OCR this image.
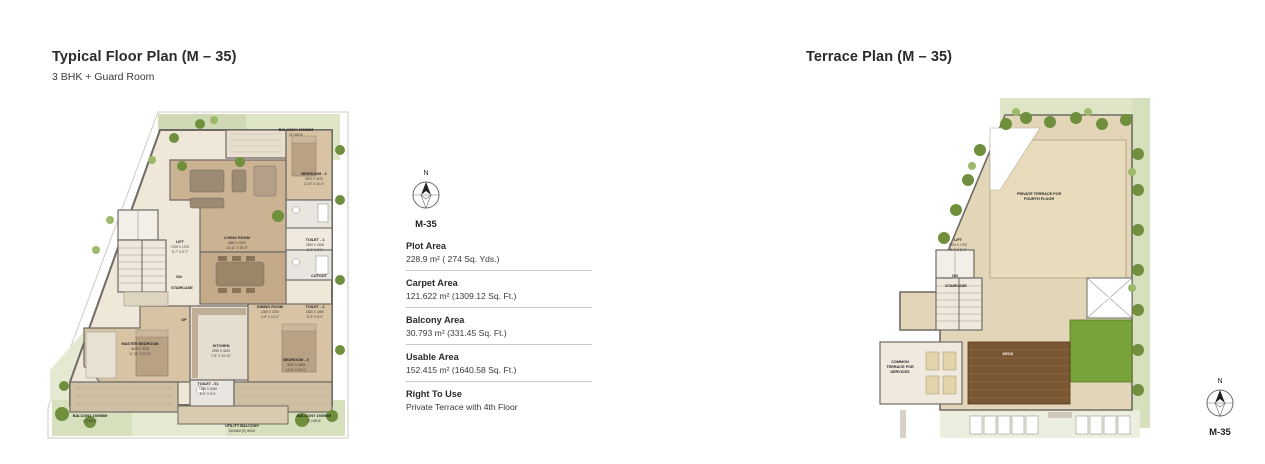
Typical Floor Plan (M – 35)
3 BHK + Guard Room
Terrace Plan (M – 35)
BALCONY 1500MM
(5') WIDE
BEDROOM - 2
3870 X 4270
12'-8" X 14'-0"
LIVING ROOM
4560 X 9070
14'-11" X 29'-9"
TOILET - 1
2520 X 1530
8'-3" X 5'-0"
LIFT
1700 X 1700
5'-7" X 5'-7"
DN
STAIRCASE
UP
CUTOUT
DINING ROOM
1350 X 3720
4'-5" X 12'-2"
TOILET - 2
2520 X 1590
8'-3" X 5'-3"
MASTER BEDROOM
3470 X 3730
17'-11" X 12'-6"
KITCHEN
2290 X 4220
7'-6" X 13'-10"
BEDROOM - 3
3070 X 4005
12'-4" X 13'-1"
TOILET - 01
1590 X 2440
5'-3" X 8'-0"
BALCONY 1500MM
(5') WIDE
UTILITY BALCONY
1500MM (5') WIDE
BALCONY 1500MM
(5') WIDE
N
M-35
Plot Area
228.9 m² ( 274 Sq. Yds.)
Carpet Area
121.622 m² (1309.12 Sq. Ft.)
Balcony Area
30.793 m² (331.45 Sq. Ft.)
Usable Area
152.415 m² (1640.58 Sq. Ft.)
Right To Use
Private Terrace with 4th Floor
PRIVATE TERRACE FOR
FOURTH FLOOR
LIFT
1700 X 1700
5'-7" X 5'-7"
DN
STAIRCASE
ASTRO TURF
GRASS LAWN
DECK
COMMON
TERRACE FOR
SERVICES
N
M-35
